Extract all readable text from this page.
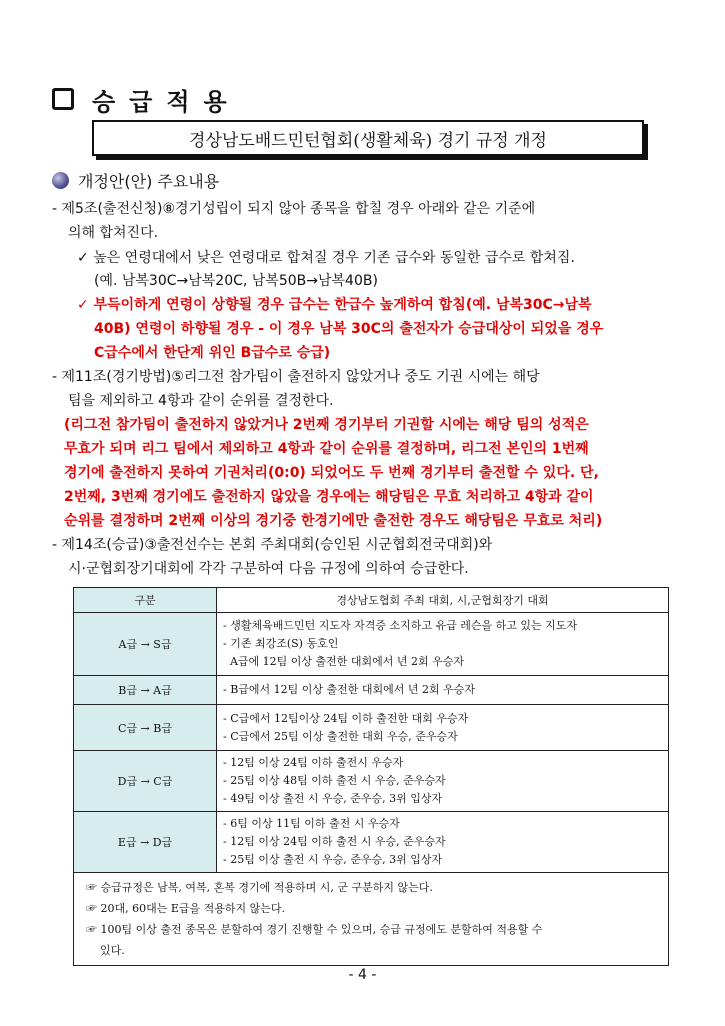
승급적용
경상남도배드민턴협회(생활체육) 경기 규정 개정
개정안(안) 주요내용
- 제5조(출전신청)⑧경기성립이 되지 않아 종목을 합칠 경우 아래와 같은 기준에
의해 합쳐진다.
✓ 높은 연령대에서 낮은 연령대로 합쳐질 경우 기존 급수와 동일한 급수로 합쳐짐.
(예. 남복30C→남복20C, 남복50B→남복40B)
✓ 부득이하게 연령이 상향될 경우 급수는 한급수 높게하여 합침(예. 남복30C→남복
40B) 연령이 하향될 경우 - 이 경우 남복 30C의 출전자가 승급대상이 되었을 경우
C급수에서 한단계 위인 B급수로 승급)
- 제11조(경기방법)⑤리그전 참가팀이 출전하지 않았거나 중도 기권 시에는 해당
팀을 제외하고 4항과 같이 순위를 결정한다.
(리그전 참가팀이 출전하지 않았거나 2번째 경기부터 기권할 시에는 해당 팀의 성적은
무효가 되며 리그 팀에서 제외하고 4항과 같이 순위를 결정하며, 리그전 본인의 1번째
경기에 출전하지 못하여 기권처리(0:0) 되었어도 두 번째 경기부터 출전할 수 있다. 단,
2번째, 3번째 경기에도 출전하지 않았을 경우에는 해당팀은 무효 처리하고 4항과 같이
순위를 결정하며 2번째 이상의 경기중 한경기에만 출전한 경우도 해당팀은 무효로 처리)
- 제14조(승급)③출전선수는 본회 주최대회(승인된 시군협회전국대회)와
시·군협회장기대회에 각각 구분하여 다음 규정에 의하여 승급한다.
구분	경상남도협회 주최 대회, 시,군협회장기 대회
A급 → S급	- 생활체육배드민턴 지도자 자격증 소지하고 유급 레슨을 하고 있는 지도자
- 기존 최강조(S) 동호인
A급에 12팀 이상 출전한 대회에서 년 2회 우승자

B급 → A급	- B급에서 12팀 이상 출전한 대회에서 년 2회 우승자

C급 → B급	- C급에서 12팀이상 24팀 이하 출전한 대회 우승자
- C급에서 25팀 이상 출전한 대회 우승, 준우승자

D급 → C급	- 12팀 이상 24팀 이하 출전시 우승자
- 25팀 이상 48팀 이하 출전 시 우승, 준우승자
- 49팀 이상 출전 시 우승, 준우승, 3위 입상자

E급 → D급	- 6팀 이상 11팀 이하 출전 시 우승자
- 12팀 이상 24팀 이하 출전 시 우승, 준우승자
- 25팀 이상 출전 시 우승, 준우승, 3위 입상자

☞ 승급규정은 남복, 여복, 혼복 경기에 적용하며 시, 군 구분하지 않는다.
☞ 20대, 60대는 E급을 적용하지 않는다.
☞ 100팀 이상 출전 종목은 분할하여 경기 진행할 수 있으며, 승급 규정에도 분할하여 적용할 수
있다.	
- 4 -
